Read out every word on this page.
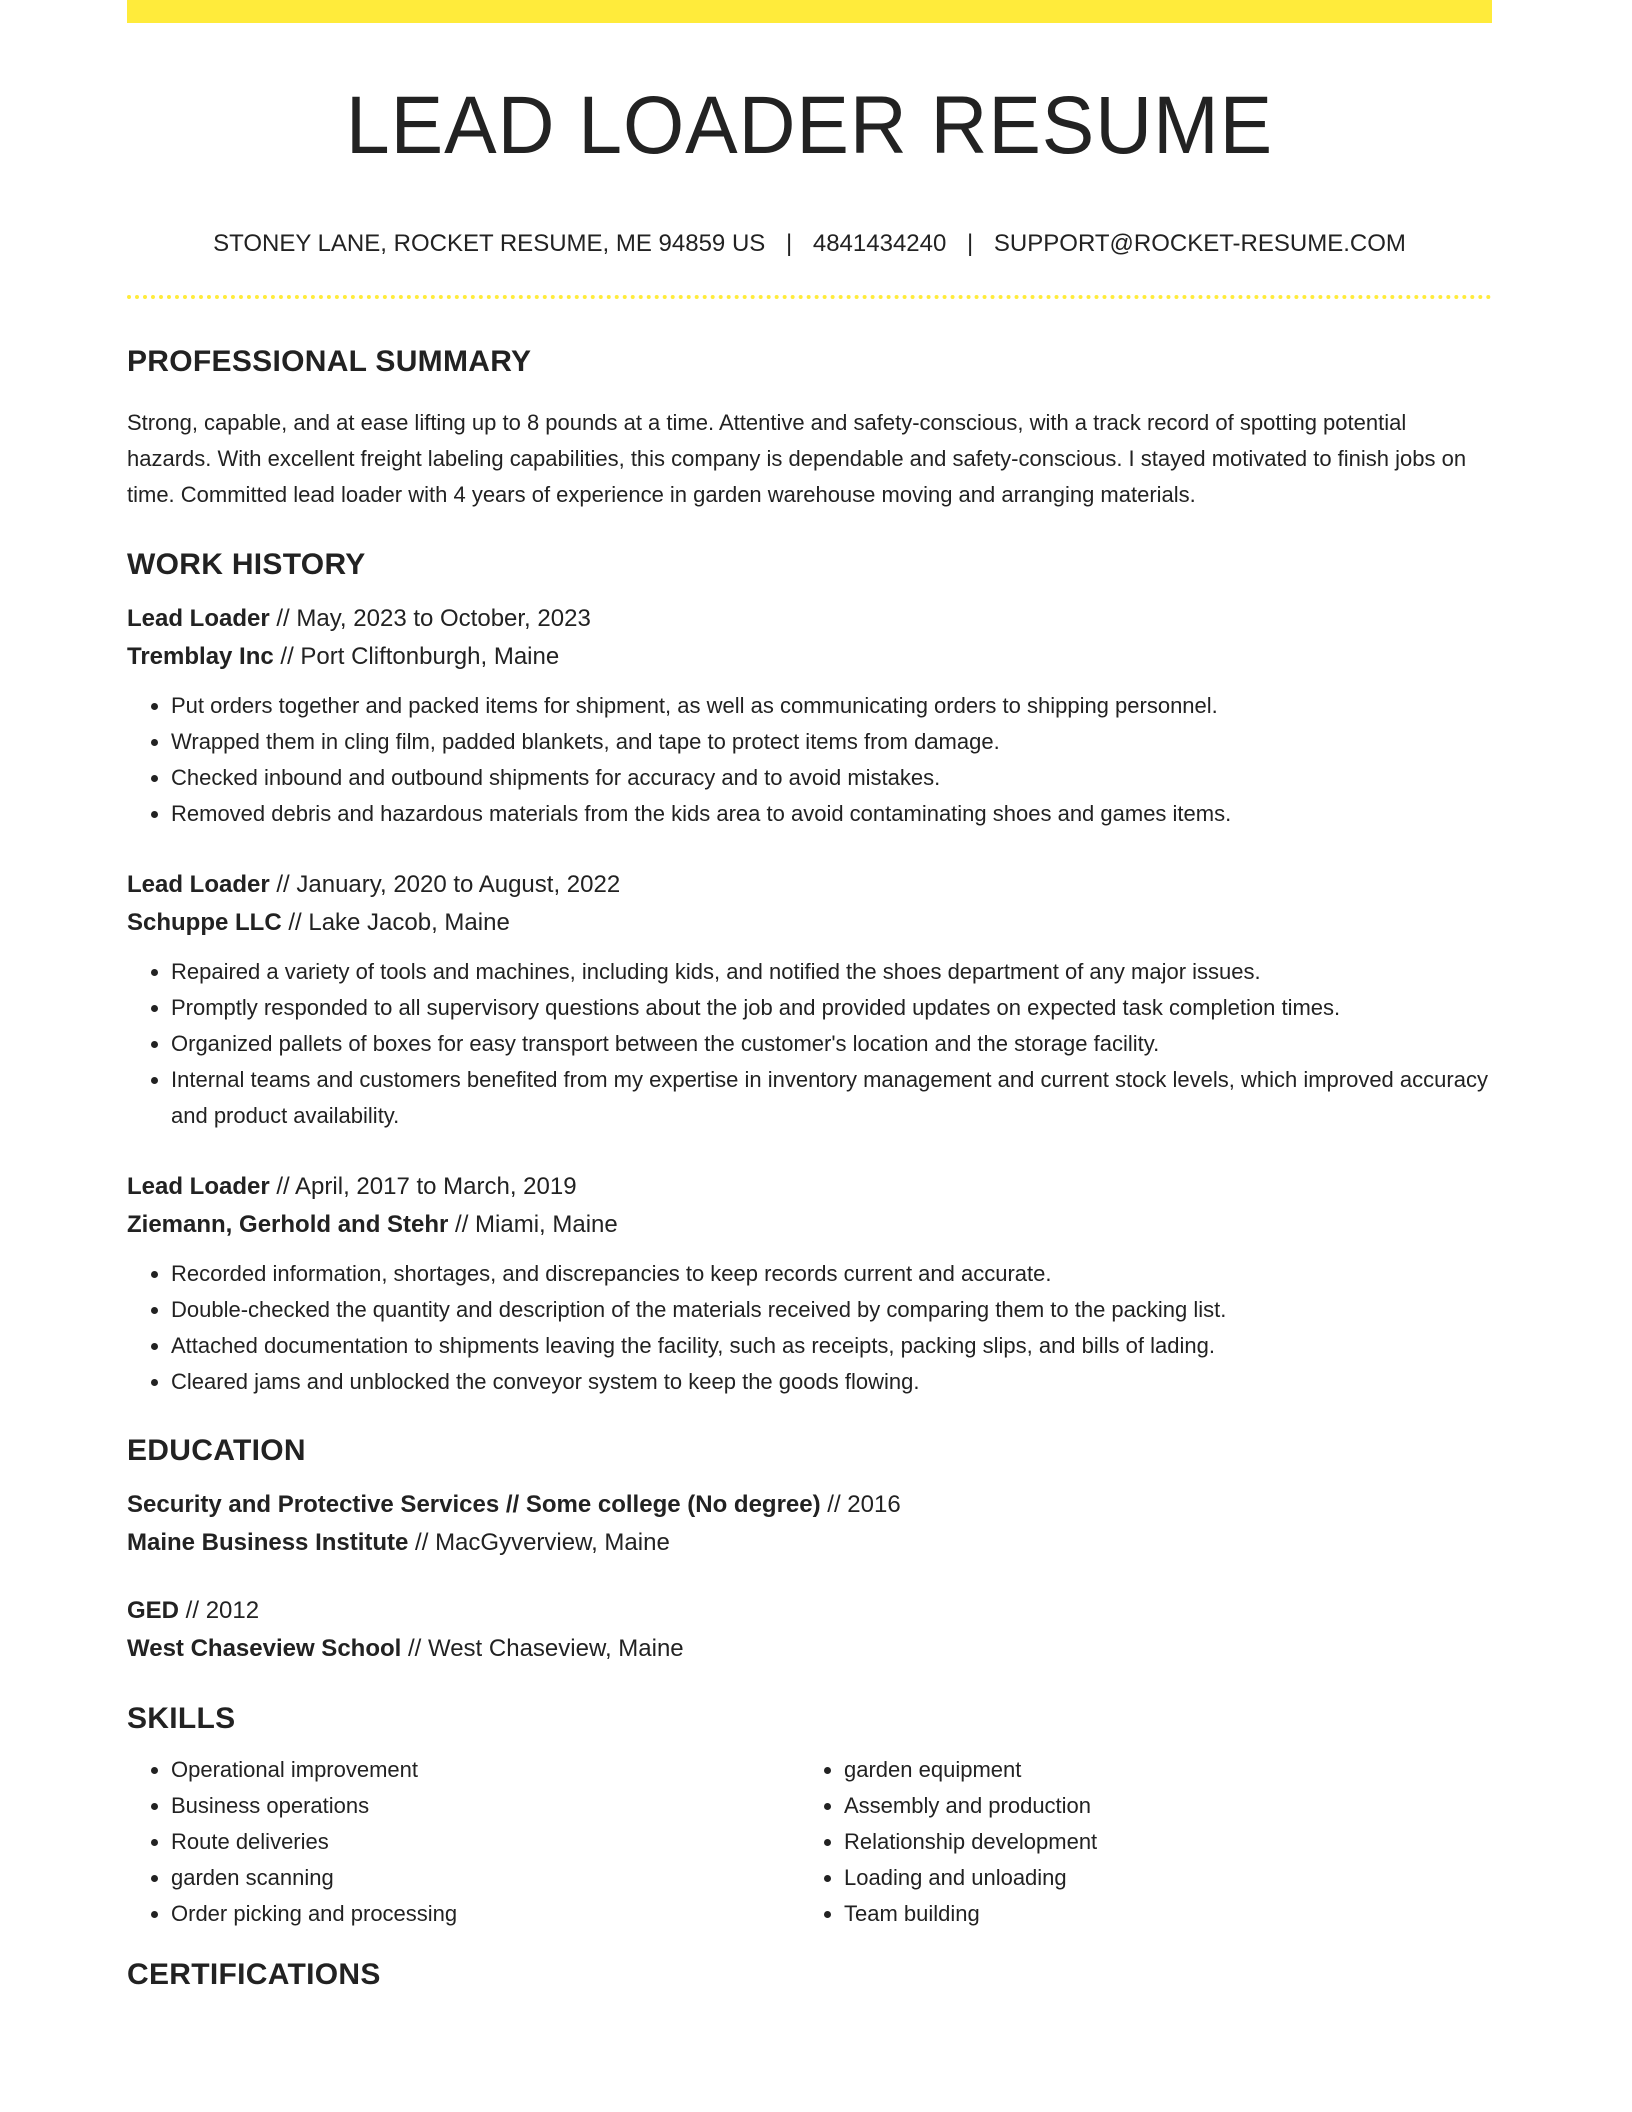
LEAD LOADER RESUME
STONEY LANE, ROCKET RESUME, ME 94859 US | 4841434240 | SUPPORT@ROCKET-RESUME.COM
PROFESSIONAL SUMMARY
Strong, capable, and at ease lifting up to 8 pounds at a time. Attentive and safety-conscious, with a track record of spotting potential hazards. With excellent freight labeling capabilities, this company is dependable and safety-conscious. I stayed motivated to finish jobs on time. Committed lead loader with 4 years of experience in garden warehouse moving and arranging materials.
WORK HISTORY
Lead Loader // May, 2023 to October, 2023
Tremblay Inc // Port Cliftonburgh, Maine
• Put orders together and packed items for shipment, as well as communicating orders to shipping personnel.
• Wrapped them in cling film, padded blankets, and tape to protect items from damage.
• Checked inbound and outbound shipments for accuracy and to avoid mistakes.
• Removed debris and hazardous materials from the kids area to avoid contaminating shoes and games items.
Lead Loader // January, 2020 to August, 2022
Schuppe LLC // Lake Jacob, Maine
• Repaired a variety of tools and machines, including kids, and notified the shoes department of any major issues.
• Promptly responded to all supervisory questions about the job and provided updates on expected task completion times.
• Organized pallets of boxes for easy transport between the customer's location and the storage facility.
• Internal teams and customers benefited from my expertise in inventory management and current stock levels, which improved accuracy and product availability.
Lead Loader // April, 2017 to March, 2019
Ziemann, Gerhold and Stehr // Miami, Maine
• Recorded information, shortages, and discrepancies to keep records current and accurate.
• Double-checked the quantity and description of the materials received by comparing them to the packing list.
• Attached documentation to shipments leaving the facility, such as receipts, packing slips, and bills of lading.
• Cleared jams and unblocked the conveyor system to keep the goods flowing.
EDUCATION
Security and Protective Services // Some college (No degree) // 2016
Maine Business Institute // MacGyverview, Maine
GED // 2012
West Chaseview School // West Chaseview, Maine
SKILLS
• Operational improvement
• Business operations
• Route deliveries
• garden scanning
• Order picking and processing
• garden equipment
• Assembly and production
• Relationship development
• Loading and unloading
• Team building
CERTIFICATIONS
